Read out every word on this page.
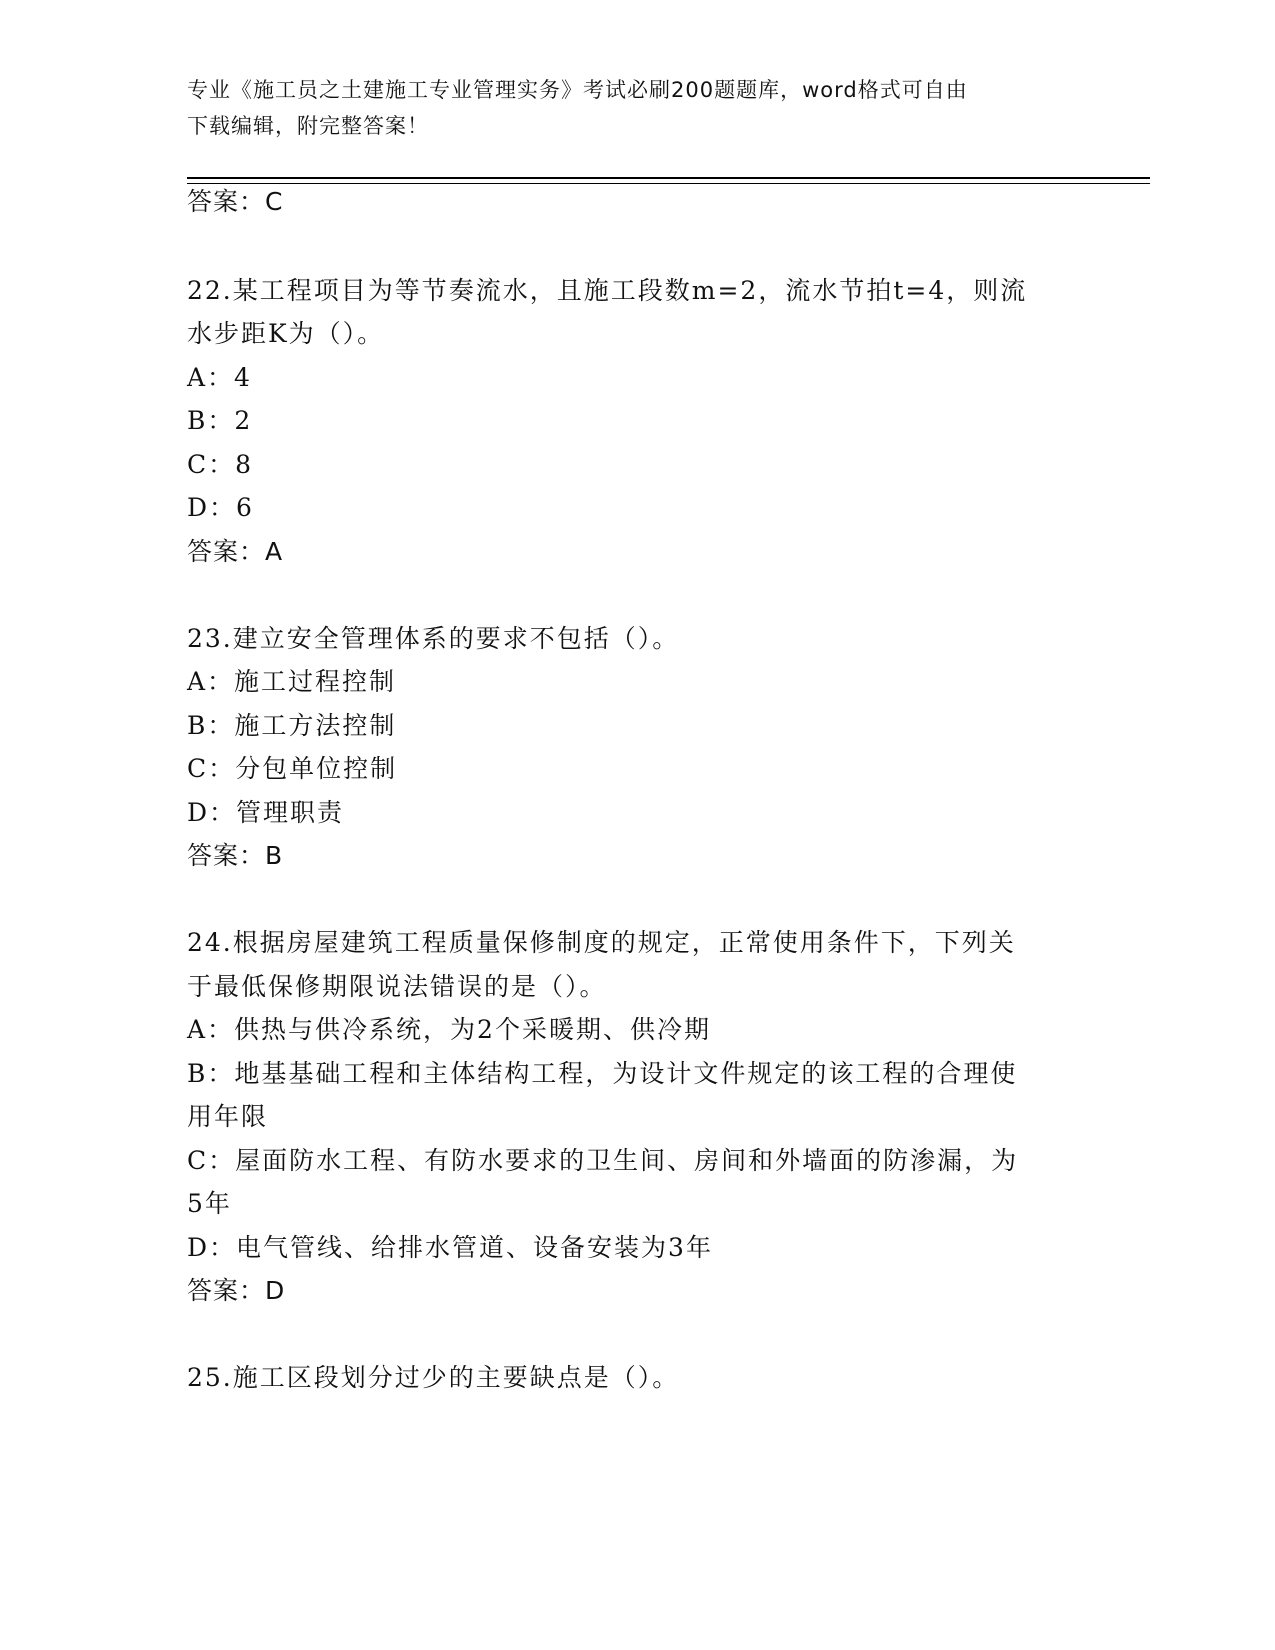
专业《施工员之土建施工专业管理实务》考试必刷200题题库，word格式可自由
下载编辑，附完整答案！
答案：C
22.某工程项目为等节奏流水，且施工段数m=2，流水节拍t=4，则流
水步距K为（）。
A：4
B：2
C：8
D：6
答案：A
23.建立安全管理体系的要求不包括（）。
A：施工过程控制
B：施工方法控制
C：分包单位控制
D：管理职责
答案：B
24.根据房屋建筑工程质量保修制度的规定，正常使用条件下，下列关
于最低保修期限说法错误的是（）。
A：供热与供冷系统，为2个采暖期、供冷期
B：地基基础工程和主体结构工程，为设计文件规定的该工程的合理使
用年限
C：屋面防水工程、有防水要求的卫生间、房间和外墙面的防渗漏，为
5年
D：电气管线、给排水管道、设备安装为3年
答案：D
25.施工区段划分过少的主要缺点是（）。
